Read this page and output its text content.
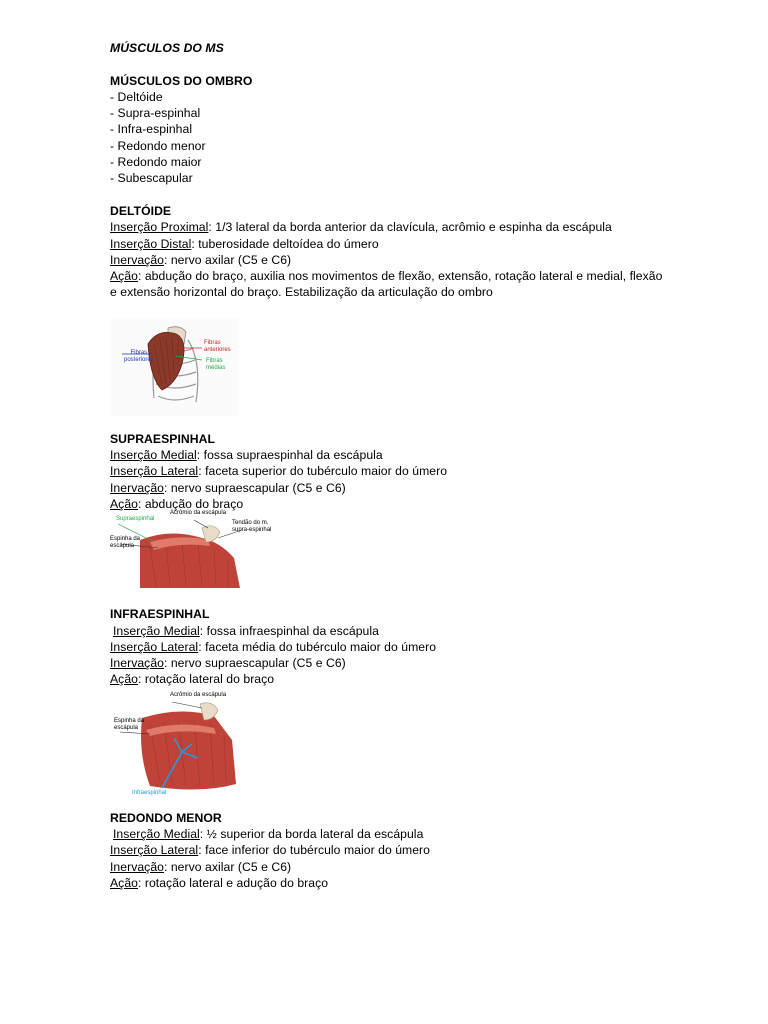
MÚSCULOS DO MS
MÚSCULOS DO OMBRO
- Deltóide
- Supra-espinhal
- Infra-espinhal
- Redondo menor
- Redondo maior
- Subescapular
DELTÓIDE
Inserção Proximal: 1/3 lateral da borda anterior da clavícula, acrômio e espinha da escápula
Inserção Distal: tuberosidade deltoídea do úmero
Inervação: nervo axilar (C5 e C6)
Ação: abdução do braço, auxilia nos movimentos de flexão, extensão, rotação lateral e medial, flexão e extensão horizontal do braço. Estabilização da articulação do ombro
Fibras
posteriores
Fibras
anteriores
Fibras
médias
SUPRAESPINHAL
Inserção Medial: fossa supraespinhal da escápula
Inserção Lateral: faceta superior do tubérculo maior do úmero
Inervação: nervo supraescapular (C5 e C6)
Ação: abdução do braço
Supraespinhal
Acrômio da escápula
Tendão do m.
supra-espinhal
Espinha da
escápula
INFRAESPINHAL
Inserção Medial: fossa infraespinhal da escápula
Inserção Lateral: faceta média do tubérculo maior do úmero
Inervação: nervo supraescapular (C5 e C6)
Ação: rotação lateral do braço
Acrômio da escápula
Espinha da
escápula
Infraespinhal
REDONDO MENOR
Inserção Medial: ½ superior da borda lateral da escápula
Inserção Lateral: face inferior do tubérculo maior do úmero
Inervação: nervo axilar (C5 e C6)
Ação: rotação lateral e adução do braço
